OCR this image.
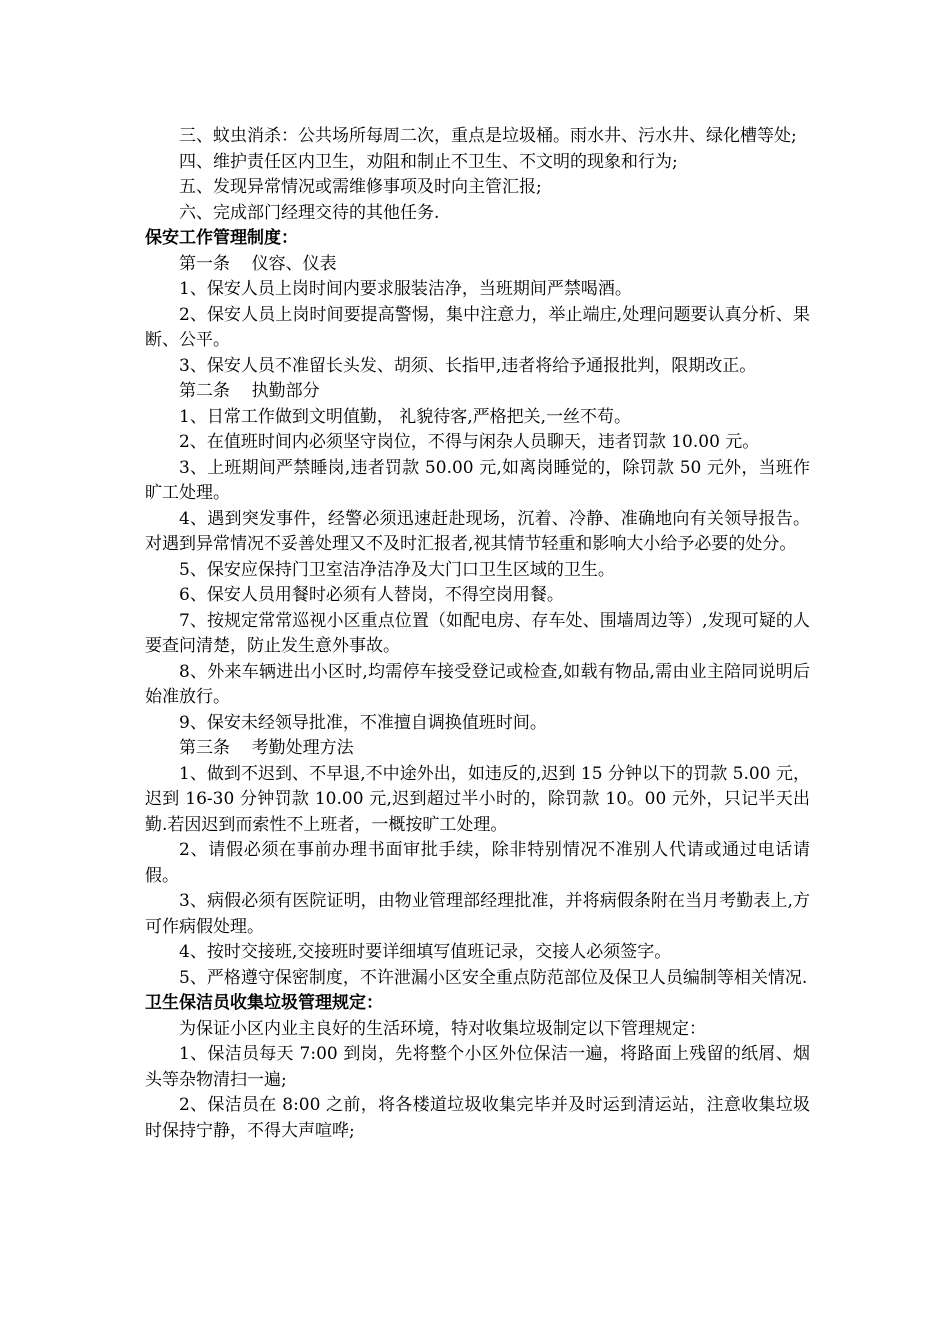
三、蚊虫消杀：公共场所每周二次，重点是垃圾桶。雨水井、污水井、绿化槽等处;

四、维护责任区内卫生，劝阻和制止不卫生、不文明的现象和行为;

五、发现异常情况或需维修事项及时向主管汇报;

六、完成部门经理交待的其他任务.

保安工作管理制度：

第一条    仪容、仪表

1、保安人员上岗时间内要求服装洁净，当班期间严禁喝酒。

2、保安人员上岗时间要提高警惕，集中注意力，举止端庄,处理问题要认真分析、果断、公平。

3、保安人员不准留长头发、胡须、长指甲,违者将给予通报批判，限期改正。

第二条    执勤部分

1、日常工作做到文明值勤， 礼貌待客,严格把关,一丝不苟。

2、在值班时间内必须坚守岗位，不得与闲杂人员聊天，违者罚款 10.00 元。

3、上班期间严禁睡岗,违者罚款 50.00 元,如离岗睡觉的，除罚款 50 元外，当班作旷工处理。

4、遇到突发事件，经警必须迅速赶赴现场，沉着、冷静、准确地向有关领导报告。对遇到异常情况不妥善处理又不及时汇报者,视其情节轻重和影响大小给予必要的处分。

5、保安应保持门卫室洁净洁净及大门口卫生区域的卫生。

6、保安人员用餐时必须有人替岗，不得空岗用餐。

7、按规定常常巡视小区重点位置（如配电房、存车处、围墙周边等）,发现可疑的人要查问清楚，防止发生意外事故。

8、外来车辆进出小区时,均需停车接受登记或检查,如载有物品,需由业主陪同说明后始准放行。

9、保安未经领导批准，不准擅自调换值班时间。

第三条    考勤处理方法

1、做到不迟到、不早退,不中途外出，如违反的,迟到 15 分钟以下的罚款 5.00 元，迟到 16-30 分钟罚款 10.00 元,迟到超过半小时的，除罚款 10。00 元外，只记半天出勤.若因迟到而索性不上班者，一概按旷工处理。

2、请假必须在事前办理书面审批手续，除非特别情况不准别人代请或通过电话请假。

3、病假必须有医院证明，由物业管理部经理批准，并将病假条附在当月考勤表上,方可作病假处理。

4、按时交接班,交接班时要详细填写值班记录，交接人必须签字。

5、严格遵守保密制度，不许泄漏小区安全重点防范部位及保卫人员编制等相关情况.

卫生保洁员收集垃圾管理规定：

为保证小区内业主良好的生活环境，特对收集垃圾制定以下管理规定：

1、保洁员每天 7:00 到岗，先将整个小区外位保洁一遍，将路面上残留的纸屑、烟头等杂物清扫一遍;

2、保洁员在 8:00 之前，将各楼道垃圾收集完毕并及时运到清运站，注意收集垃圾时保持宁静，不得大声喧哗;
